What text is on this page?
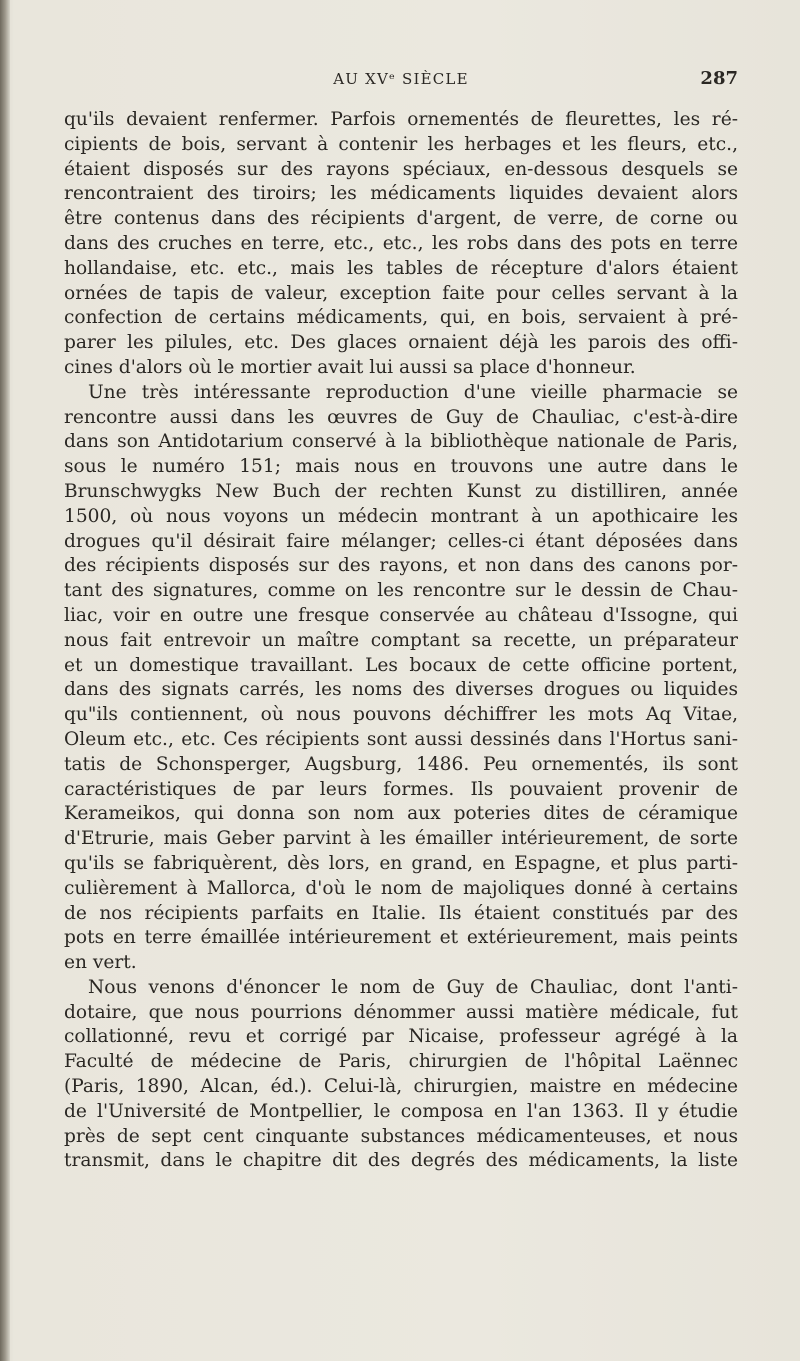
AU XVᵉ SIÈCLE	287
qu'ils devaient renfermer. Parfois ornementés de fleurettes, les ré-
cipients de bois, servant à contenir les herbages et les fleurs, etc.,
étaient disposés sur des rayons spéciaux, en-dessous desquels se
rencontraient des tiroirs; les médicaments liquides devaient alors
être contenus dans des récipients d'argent, de verre, de corne ou
dans des cruches en terre, etc., etc., les robs dans des pots en terre
hollandaise, etc. etc., mais les tables de récepture d'alors étaient
ornées de tapis de valeur, exception faite pour celles servant à la
confection de certains médicaments, qui, en bois, servaient à pré-
parer les pilules, etc. Des glaces ornaient déjà les parois des offi-
cines d'alors où le mortier avait lui aussi sa place d'honneur.
Une très intéressante reproduction d'une vieille pharmacie se
rencontre aussi dans les œuvres de Guy de Chauliac, c'est-à-dire
dans son Antidotarium conservé à la bibliothèque nationale de Paris,
sous le numéro 151; mais nous en trouvons une autre dans le
Brunschwygks New Buch der rechten Kunst zu distilliren, année
1500, où nous voyons un médecin montrant à un apothicaire les
drogues qu'il désirait faire mélanger; celles-ci étant déposées dans
des récipients disposés sur des rayons, et non dans des canons por-
tant des signatures, comme on les rencontre sur le dessin de Chau-
liac, voir en outre une fresque conservée au château d'Issogne, qui
nous fait entrevoir un maître comptant sa recette, un préparateur
et un domestique travaillant. Les bocaux de cette officine portent,
dans des signats carrés, les noms des diverses drogues ou liquides
qu"ils contiennent, où nous pouvons déchiffrer les mots Aq Vitae,
Oleum etc., etc. Ces récipients sont aussi dessinés dans l'Hortus sani-
tatis de Schonsperger, Augsburg, 1486. Peu ornementés, ils sont
caractéristiques de par leurs formes. Ils pouvaient provenir de
Kerameikos, qui donna son nom aux poteries dites de céramique
d'Etrurie, mais Geber parvint à les émailler intérieurement, de sorte
qu'ils se fabriquèrent, dès lors, en grand, en Espagne, et plus parti-
culièrement à Mallorca, d'où le nom de majoliques donné à certains
de nos récipients parfaits en Italie. Ils étaient constitués par des
pots en terre émaillée intérieurement et extérieurement, mais peints
en vert.
Nous venons d'énoncer le nom de Guy de Chauliac, dont l'anti-
dotaire, que nous pourrions dénommer aussi matière médicale, fut
collationné, revu et corrigé par Nicaise, professeur agrégé à la
Faculté de médecine de Paris, chirurgien de l'hôpital Laënnec
(Paris, 1890, Alcan, éd.). Celui-là, chirurgien, maistre en médecine
de l'Université de Montpellier, le composa en l'an 1363. Il y étudie
près de sept cent cinquante substances médicamenteuses, et nous
transmit, dans le chapitre dit des degrés des médicaments, la liste
